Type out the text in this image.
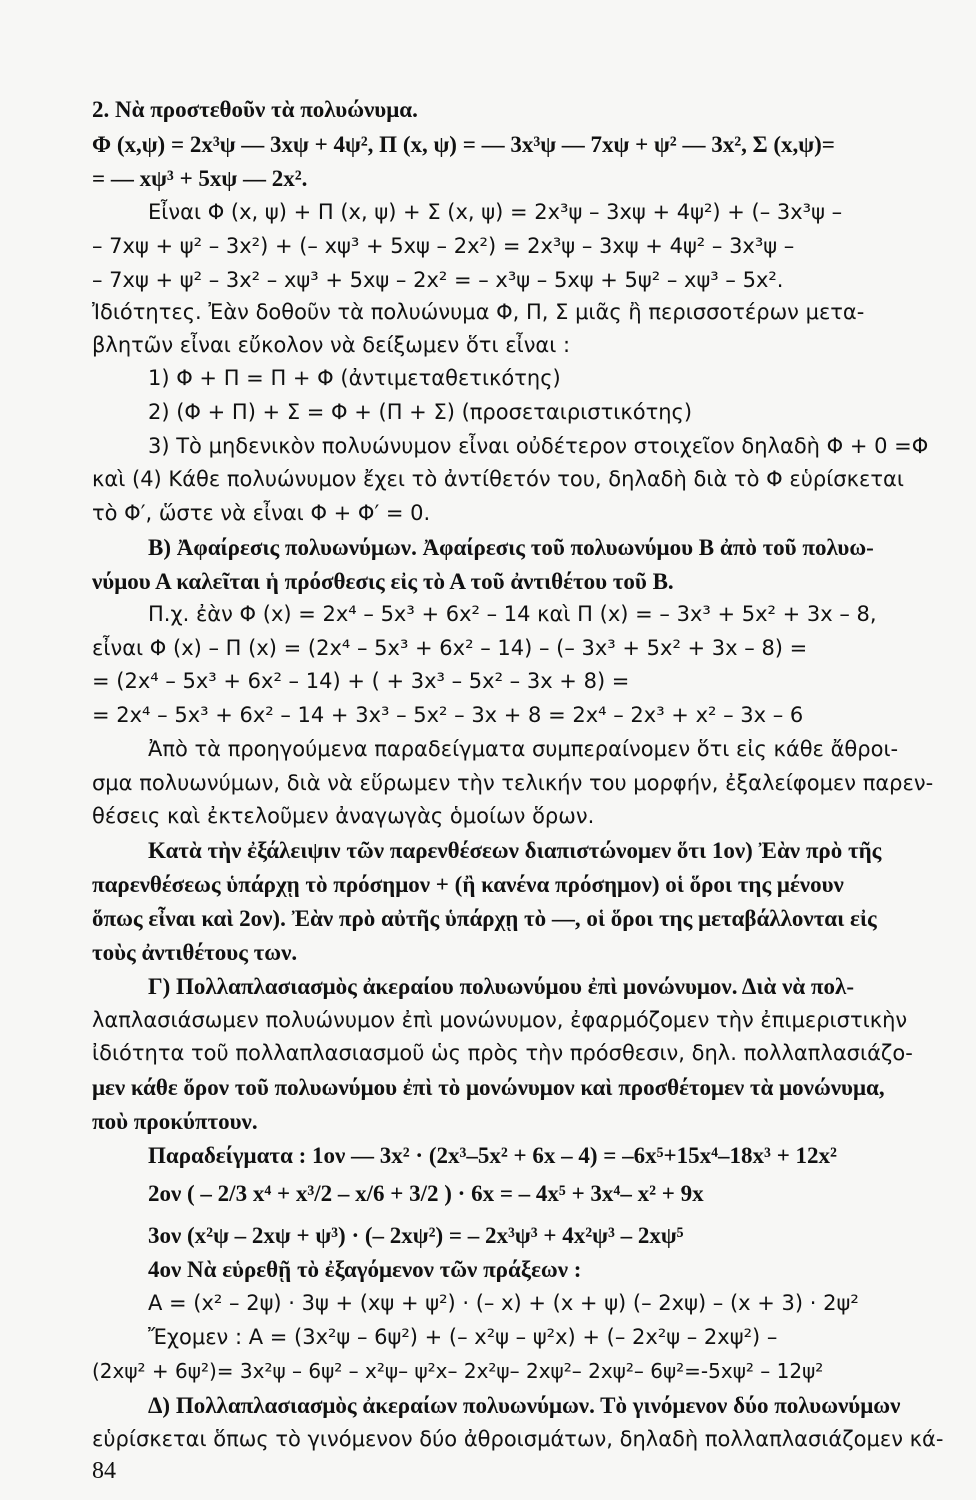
2. Νὰ προστεθοῦν τὰ πολυώνυμα.
Φ (x,ψ) = 2x³ψ — 3xψ + 4ψ², Π (x, ψ) = — 3x³ψ — 7xψ + ψ² — 3x², Σ (x,ψ)=
= — xψ³ + 5xψ — 2x².
Εἶναι Φ (x, ψ) + Π (x, ψ) + Σ (x, ψ) = 2x³ψ – 3xψ + 4ψ²) + (– 3x³ψ –
– 7xψ + ψ² – 3x²) + (– xψ³ + 5xψ – 2x²) = 2x³ψ – 3xψ + 4ψ² – 3x³ψ –
– 7xψ + ψ² – 3x² – xψ³ + 5xψ – 2x² = – x³ψ – 5xψ + 5ψ² – xψ³ – 5x².
Ἰδιότητες. Ἐὰν δοθοῦν τὰ πολυώνυμα Φ, Π, Σ μιᾶς ἢ περισσοτέρων μετα-
βλητῶν εἶναι εὔκολον νὰ δείξωμεν ὅτι εἶναι :
1) Φ + Π = Π + Φ (ἀντιμεταθετικότης)
2) (Φ + Π) + Σ = Φ + (Π + Σ) (προσεταιριστικότης)
3) Τὸ μηδενικὸν πολυώνυμον εἶναι οὐδέτερον στοιχεῖον δηλαδὴ Φ + 0 =Φ
καὶ (4) Κάθε πολυώνυμον ἔχει τὸ ἀντίθετόν του, δηλαδὴ διὰ τὸ Φ εὑρίσκεται
τὸ Φ′, ὥστε νὰ εἶναι Φ + Φ′ = 0.
Β) Ἀφαίρεσις πολυωνύμων. Ἀφαίρεσις τοῦ πολυωνύμου Β ἀπὸ τοῦ πολυω-
νύμου Α καλεῖται ἡ πρόσθεσις εἰς τὸ Α τοῦ ἀντιθέτου τοῦ Β.
Π.χ. ἐὰν Φ (x) = 2x⁴ – 5x³ + 6x² – 14 καὶ Π (x) = – 3x³ + 5x² + 3x – 8,
εἶναι Φ (x) – Π (x) = (2x⁴ – 5x³ + 6x² – 14) – (– 3x³ + 5x² + 3x – 8) =
= (2x⁴ – 5x³ + 6x² – 14) + ( + 3x³ – 5x² – 3x + 8) =
= 2x⁴ – 5x³ + 6x² – 14 + 3x³ – 5x² – 3x + 8 = 2x⁴ – 2x³ + x² – 3x – 6
Ἀπὸ τὰ προηγούμενα παραδείγματα συμπεραίνομεν ὅτι εἰς κάθε ἄθροι-
σμα πολυωνύμων, διὰ νὰ εὕρωμεν τὴν τελικήν του μορφήν, ἐξαλείφομεν παρεν-
θέσεις καὶ ἐκτελοῦμεν ἀναγωγὰς ὁμοίων ὅρων.
Κατὰ τὴν ἐξάλειψιν τῶν παρενθέσεων διαπιστώνομεν ὅτι 1ον) Ἐὰν πρὸ τῆς
παρενθέσεως ὑπάρχῃ τὸ πρόσημον + (ἢ κανένα πρόσημον) οἱ ὅροι της μένουν
ὅπως εἶναι καὶ 2ον). Ἐὰν πρὸ αὐτῆς ὑπάρχῃ τὸ —, οἱ ὅροι της μεταβάλλονται εἰς
τοὺς ἀντιθέτους των.
Γ) Πολλαπλασιασμὸς ἀκεραίου πολυωνύμου ἐπὶ μονώνυμον. Διὰ νὰ πολ-
λαπλασιάσωμεν πολυώνυμον ἐπὶ μονώνυμον, ἐφαρμόζομεν τὴν ἐπιμεριστικὴν
ἰδιότητα τοῦ πολλαπλασιασμοῦ ὡς πρὸς τὴν πρόσθεσιν, δηλ. πολλαπλασιάζο-
μεν κάθε ὅρον τοῦ πολυωνύμου ἐπὶ τὸ μονώνυμον καὶ προσθέτομεν τὰ μονώνυμα,
ποὺ προκύπτουν.
Παραδείγματα : 1ον — 3x² · (2x³–5x² + 6x – 4) = –6x⁵+15x⁴–18x³ + 12x²
2ον ( – 2/3 x⁴ + x³/2 – x/6 + 3/2 ) · 6x = – 4x⁵ + 3x⁴– x² + 9x
3ον (x²ψ – 2xψ + ψ³) · (– 2xψ²) = – 2x³ψ³ + 4x²ψ³ – 2xψ⁵
4ον Νὰ εὑρεθῇ τὸ ἐξαγόμενον τῶν πράξεων :
Α = (x² – 2ψ) · 3ψ + (xψ + ψ²) · (– x) + (x + ψ) (– 2xψ) – (x + 3) · 2ψ²
Ἔχομεν : Α = (3x²ψ – 6ψ²) + (– x²ψ – ψ²x) + (– 2x²ψ – 2xψ²) –
(2xψ² + 6ψ²)= 3x²ψ – 6ψ² – x²ψ– ψ²x– 2x²ψ– 2xψ²– 2xψ²– 6ψ²=-5xψ² – 12ψ²
Δ) Πολλαπλασιασμὸς ἀκεραίων πολυωνύμων. Τὸ γινόμενον δύο πολυωνύμων
εὑρίσκεται ὅπως τὸ γινόμενον δύο ἀθροισμάτων, δηλαδὴ πολλαπλασιάζομεν κά-
84
